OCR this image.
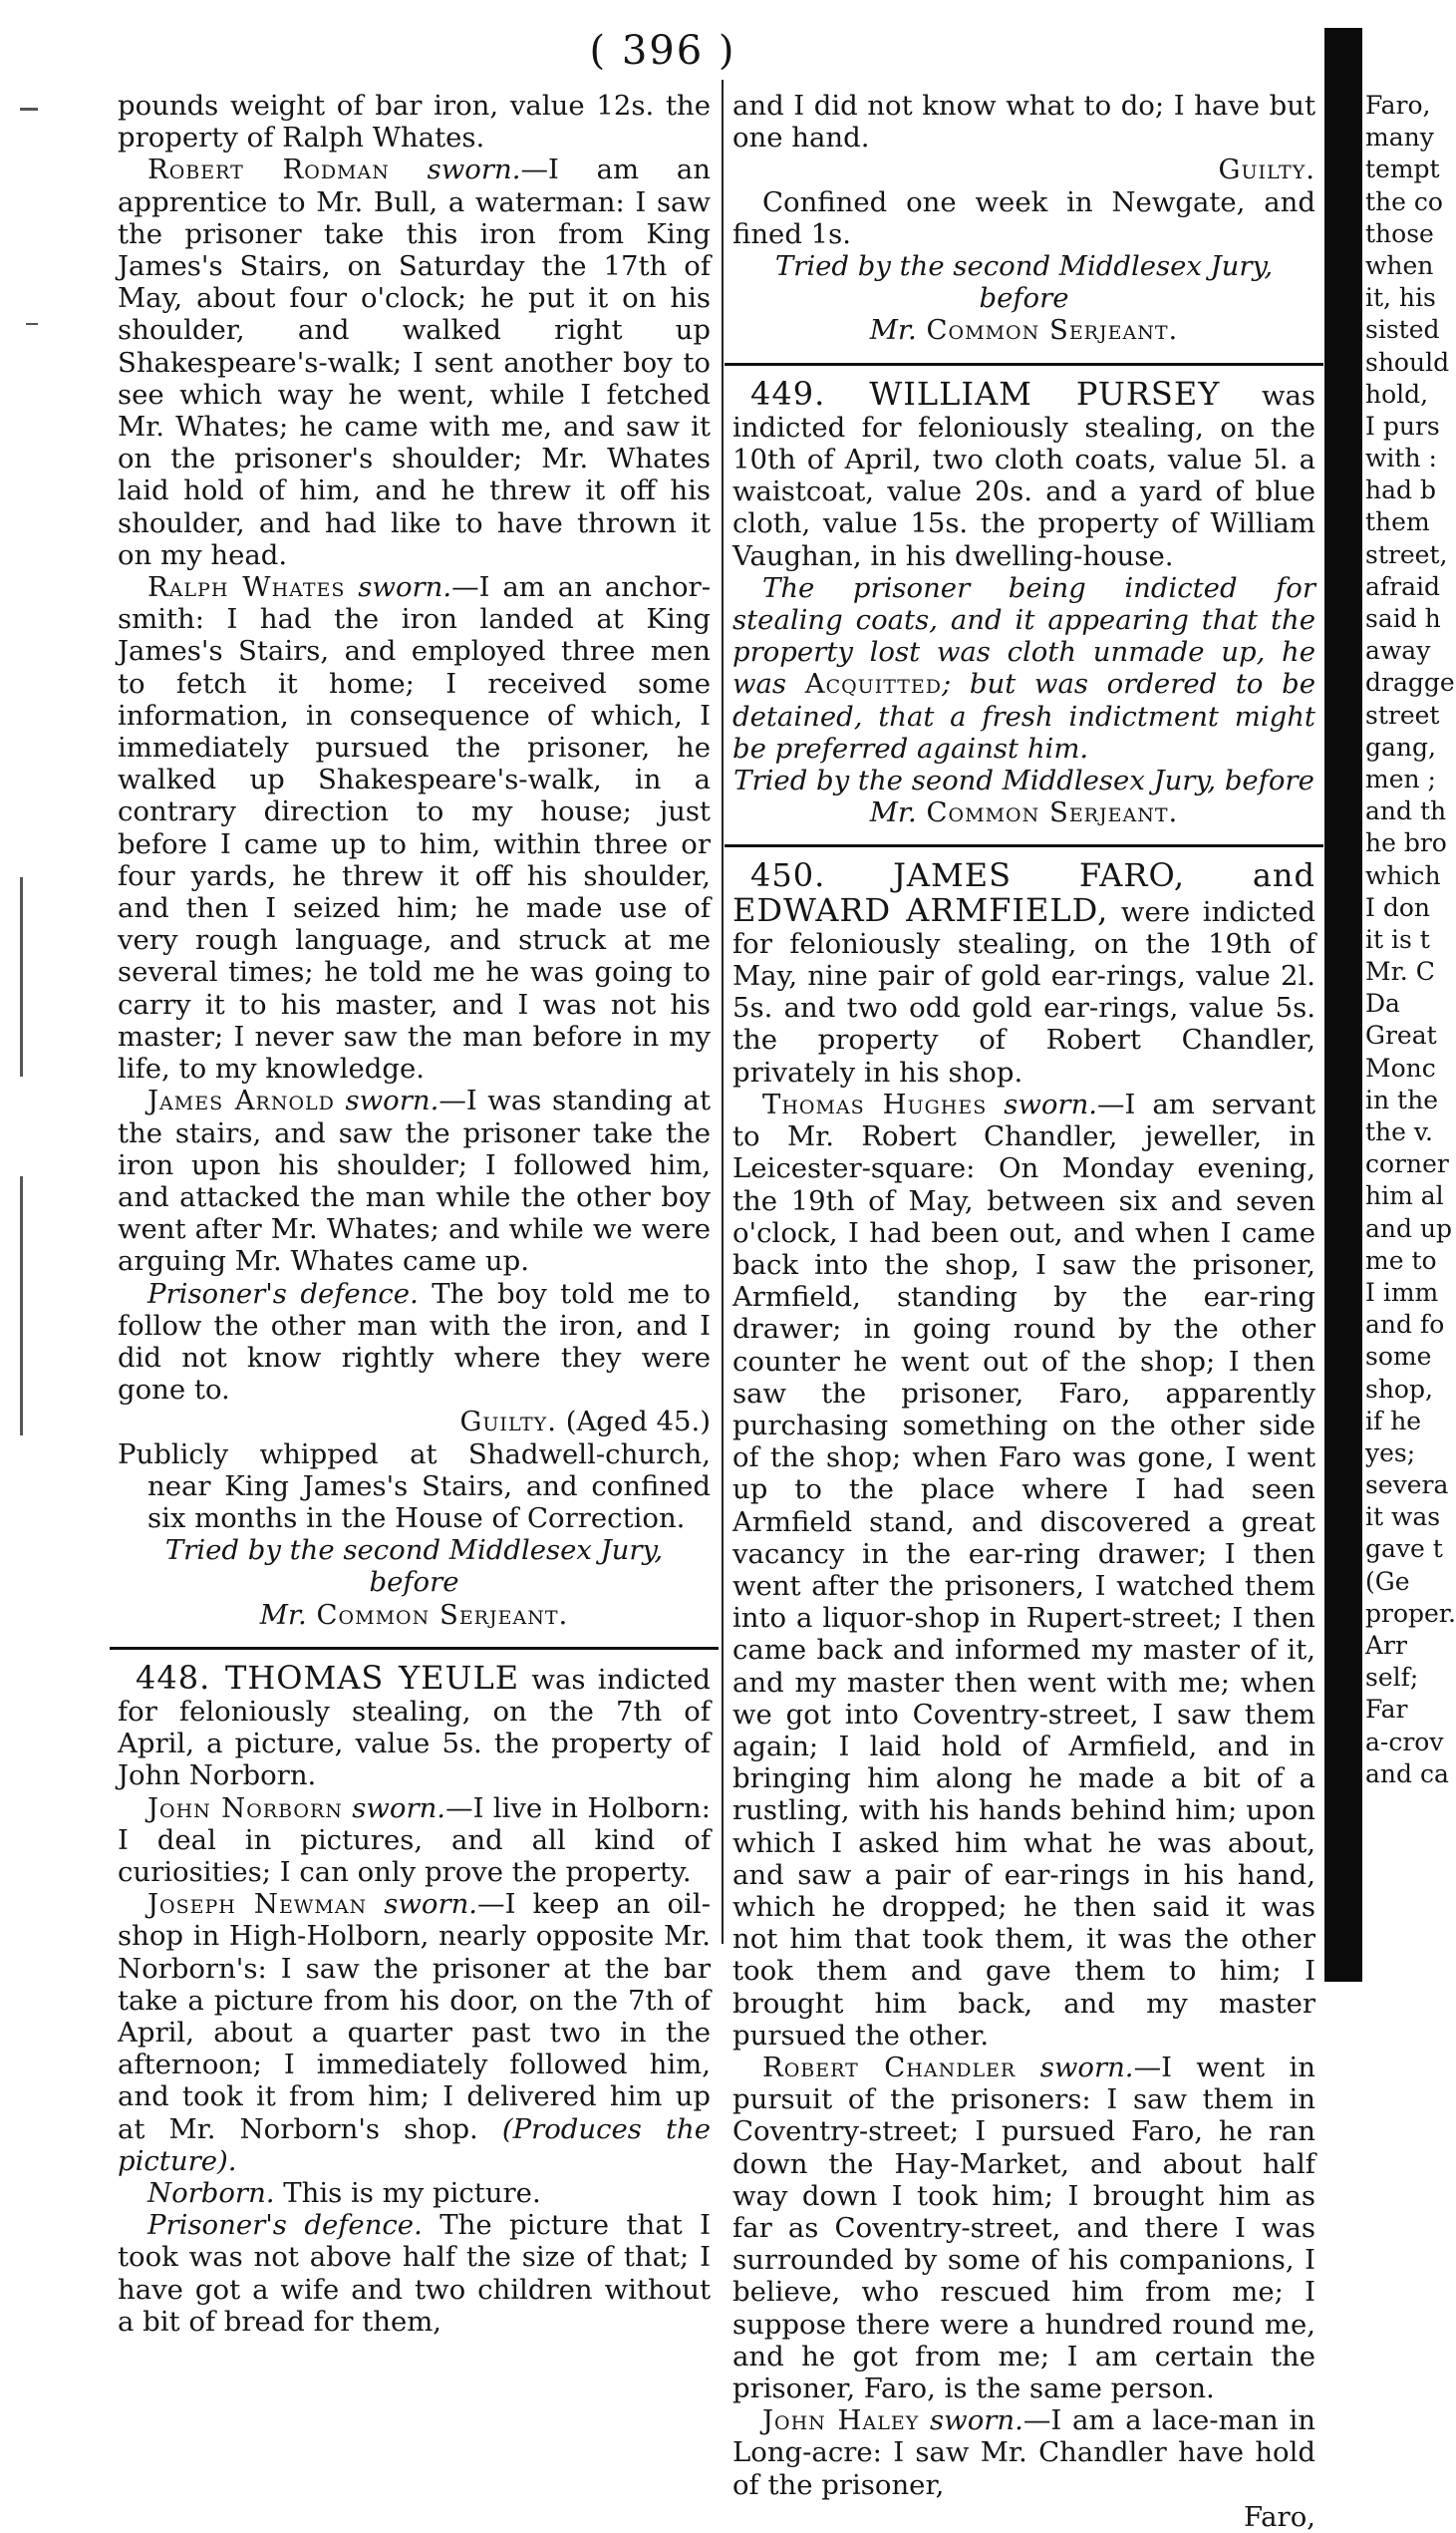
( 396 )

pounds weight of bar iron, value 12s. the property of Ralph Whates.

Robert Rodman sworn.—I am an apprentice to Mr. Bull, a waterman: I saw the prisoner take this iron from King James's Stairs, on Saturday the 17th of May, about four o'clock; he put it on his shoulder, and walked right up Shakespeare's-walk; I sent another boy to see which way he went, while I fetched Mr. Whates; he came with me, and saw it on the prisoner's shoulder; Mr. Whates laid hold of him, and he threw it off his shoulder, and had like to have thrown it on my head.

Ralph Whates sworn.—I am an anchor-smith: I had the iron landed at King James's Stairs, and employed three men to fetch it home; I received some information, in consequence of which, I immediately pursued the prisoner, he walked up Shakespeare's-walk, in a contrary direction to my house; just before I came up to him, within three or four yards, he threw it off his shoulder, and then I seized him; he made use of very rough language, and struck at me several times; he told me he was going to carry it to his master, and I was not his master; I never saw the man before in my life, to my knowledge.

James Arnold sworn.—I was standing at the stairs, and saw the prisoner take the iron upon his shoulder; I followed him, and attacked the man while the other boy went after Mr. Whates; and while we were arguing Mr. Whates came up.

Prisoner's defence. The boy told me to follow the other man with the iron, and I did not know rightly where they were gone to.

Guilty. (Aged 45.)

Publicly whipped at Shadwell-church, near King James's Stairs, and confined six months in the House of Correction.

Tried by the second Middlesex Jury, before

Mr. Common Serjeant.

448. THOMAS YEULE was indicted for feloniously stealing, on the 7th of April, a picture, value 5s. the property of John Norborn.

John Norborn sworn.—I live in Holborn: I deal in pictures, and all kind of curiosities; I can only prove the property.

Joseph Newman sworn.—I keep an oil-shop in High-Holborn, nearly opposite Mr. Norborn's: I saw the prisoner at the bar take a picture from his door, on the 7th of April, about a quarter past two in the afternoon; I immediately followed him, and took it from him; I delivered him up at Mr. Norborn's shop. (Produces the picture).

Norborn. This is my picture.

Prisoner's defence. The picture that I took was not above half the size of that; I have got a wife and two children without a bit of bread for them,

and I did not know what to do; I have but one hand.

Guilty.

Confined one week in Newgate, and fined 1s.

Tried by the second Middlesex Jury, before

Mr. Common Serjeant.

449. WILLIAM PURSEY was indicted for feloniously stealing, on the 10th of April, two cloth coats, value 5l. a waistcoat, value 20s. and a yard of blue cloth, value 15s. the property of William Vaughan, in his dwelling-house.

The prisoner being indicted for stealing coats, and it appearing that the property lost was cloth unmade up, he was Acquitted; but was ordered to be detained, that a fresh indictment might be preferred against him.

Tried by the seond Middlesex Jury, before

Mr. Common Serjeant.

450. JAMES FARO, and EDWARD ARMFIELD, were indicted for feloniously stealing, on the 19th of May, nine pair of gold ear-rings, value 2l. 5s. and two odd gold ear-rings, value 5s. the property of Robert Chandler, privately in his shop.

Thomas Hughes sworn.—I am servant to Mr. Robert Chandler, jeweller, in Leicester-square: On Monday evening, the 19th of May, between six and seven o'clock, I had been out, and when I came back into the shop, I saw the prisoner, Armfield, standing by the ear-ring drawer; in going round by the other counter he went out of the shop; I then saw the prisoner, Faro, apparently purchasing something on the other side of the shop; when Faro was gone, I went up to the place where I had seen Armfield stand, and discovered a great vacancy in the ear-ring drawer; I then went after the prisoners, I watched them into a liquor-shop in Rupert-street; I then came back and informed my master of it, and my master then went with me; when we got into Coventry-street, I saw them again; I laid hold of Armfield, and in bringing him along he made a bit of a rustling, with his hands behind him; upon which I asked him what he was about, and saw a pair of ear-rings in his hand, which he dropped; he then said it was not him that took them, it was the other took them and gave them to him; I brought him back, and my master pursued the other.

Robert Chandler sworn.—I went in pursuit of the prisoners: I saw them in Coventry-street; I pursued Faro, he ran down the Hay-Market, and about half way down I took him; I brought him as far as Coventry-street, and there I was surrounded by some of his companions, I believe, who rescued him from me; I suppose there were a hundred round me, and he got from me; I am certain the prisoner, Faro, is the same person.

John Haley sworn.—I am a lace-man in Long-acre: I saw Mr. Chandler have hold of the prisoner,

Faro,

Faro,
many
tempt
the co
those
when
it, his
sisted
should
hold,
I purs
with :
had b
them
street,
afraid
said h
away
dragge
street
gang,
men ;
and th
he bro
which
I don
it is t
Mr. C
Da
Great
Monc
in the
the v.
corner
him al
and up
me to
I imm
and fo
some
shop,
if he
yes;
severa
it was
gave t
(Ge
proper.
Arr
self;
Far
a-crov
and ca
